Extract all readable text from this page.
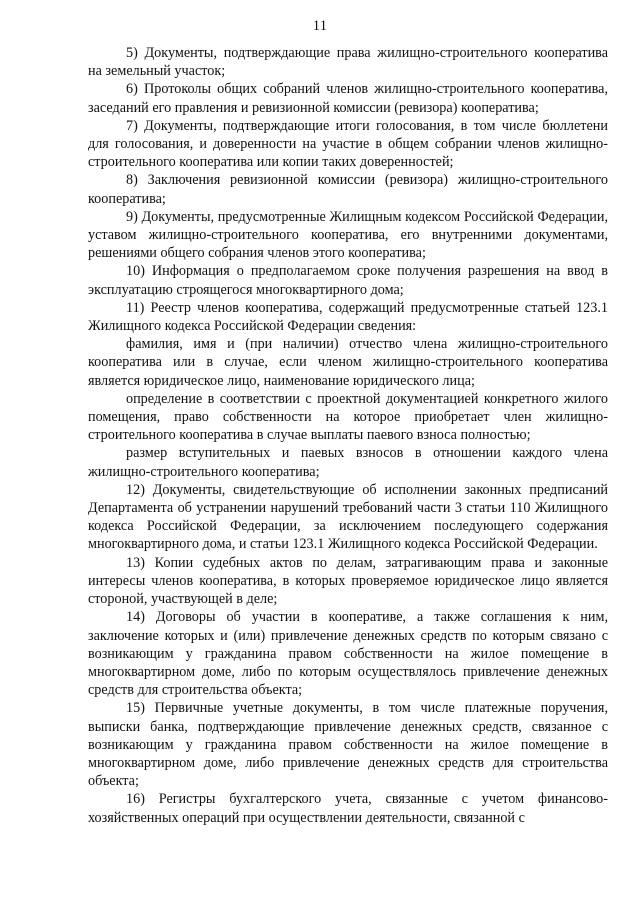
11

5) Документы, подтверждающие права жилищно-строительного кооператива на земельный участок;

6) Протоколы общих собраний членов жилищно-строительного кооператива, заседаний его правления и ревизионной комиссии (ревизора) кооператива;

7) Документы, подтверждающие итоги голосования, в том числе бюллетени для голосования, и доверенности на участие в общем собрании членов жилищно-строительного кооператива или копии таких доверенностей;

8) Заключения ревизионной комиссии (ревизора) жилищно-строительного кооператива;

9) Документы, предусмотренные Жилищным кодексом Российской Федерации, уставом жилищно-строительного кооператива, его внутренними документами, решениями общего собрания членов этого кооператива;

10) Информация о предполагаемом сроке получения разрешения на ввод в эксплуатацию строящегося многоквартирного дома;

11) Реестр членов кооператива, содержащий предусмотренные статьей 123.1 Жилищного кодекса Российской Федерации сведения:

фамилия, имя и (при наличии) отчество члена жилищно-строительного кооператива или в случае, если членом жилищно-строительного кооператива является юридическое лицо, наименование юридического лица;

определение в соответствии с проектной документацией конкретного жилого помещения, право собственности на которое приобретает член жилищно-строительного кооператива в случае выплаты паевого взноса полностью;

размер вступительных и паевых взносов в отношении каждого члена жилищно-строительного кооператива;

12) Документы, свидетельствующие об исполнении законных предписаний Департамента об устранении нарушений требований части 3 статьи 110 Жилищного кодекса Российской Федерации, за исключением последующего содержания многоквартирного дома, и статьи 123.1 Жилищного кодекса Российской Федерации.

13) Копии судебных актов по делам, затрагивающим права и законные интересы членов кооператива, в которых проверяемое юридическое лицо является стороной, участвующей в деле;

14) Договоры об участии в кооперативе, а также соглашения к ним, заключение которых и (или) привлечение денежных средств по которым связано с возникающим у гражданина правом собственности на жилое помещение в многоквартирном доме, либо по которым осуществлялось привлечение денежных средств для строительства объекта;

15) Первичные учетные документы, в том числе платежные поручения, выписки банка, подтверждающие привлечение денежных средств, связанное с возникающим у гражданина правом собственности на жилое помещение в многоквартирном доме, либо привлечение денежных средств для строительства объекта;

16) Регистры бухгалтерского учета, связанные с учетом финансово-хозяйственных операций при осуществлении деятельности, связанной с
